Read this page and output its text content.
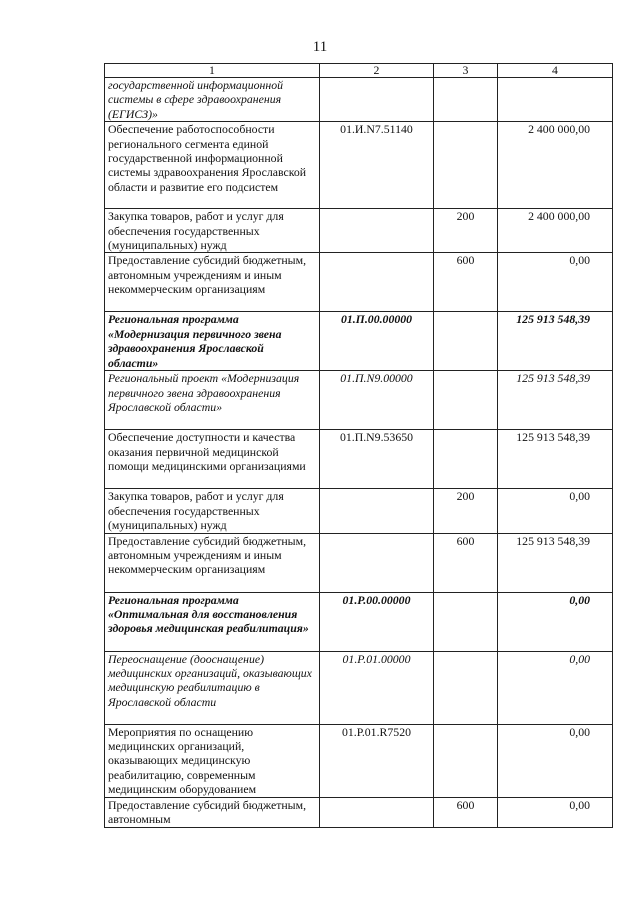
11
1	2	3	4
государственной информационной системы в сфере здравоохранения (ЕГИСЗ)»			
Обеспечение работоспособности регионального сегмента единой государственной информационной системы здравоохранения Ярославской области и развитие его подсистем	01.И.N7.51140		2 400 000,00
Закупка товаров, работ и услуг для обеспечения государственных (муниципальных) нужд		200	2 400 000,00
Предоставление субсидий бюджетным, автономным учреждениям и иным некоммерческим организациям		600	0,00
Региональная программа «Модернизация первичного звена здравоохранения Ярославской области»	01.П.00.00000		125 913 548,39
Региональный проект «Модернизация первичного звена здравоохранения Ярославской области»	01.П.N9.00000		125 913 548,39
Обеспечение доступности и качества оказания первичной медицинской помощи медицинскими организациями	01.П.N9.53650		125 913 548,39
Закупка товаров, работ и услуг для обеспечения государственных (муниципальных) нужд		200	0,00
Предоставление субсидий бюджетным, автономным учреждениям и иным некоммерческим организациям		600	125 913 548,39
Региональная программа «Оптимальная для восстановления здоровья медицинская реабилитация»	01.Р.00.00000		0,00
Переоснащение (дооснащение) медицинских организаций, оказывающих медицинскую реабилитацию в Ярославской области	01.Р.01.00000		0,00
Мероприятия по оснащению медицинских организаций, оказывающих медицинскую реабилитацию, современным медицинским оборудованием	01.Р.01.R7520		0,00
Предоставление субсидий бюджетным, автономным		600	0,00
